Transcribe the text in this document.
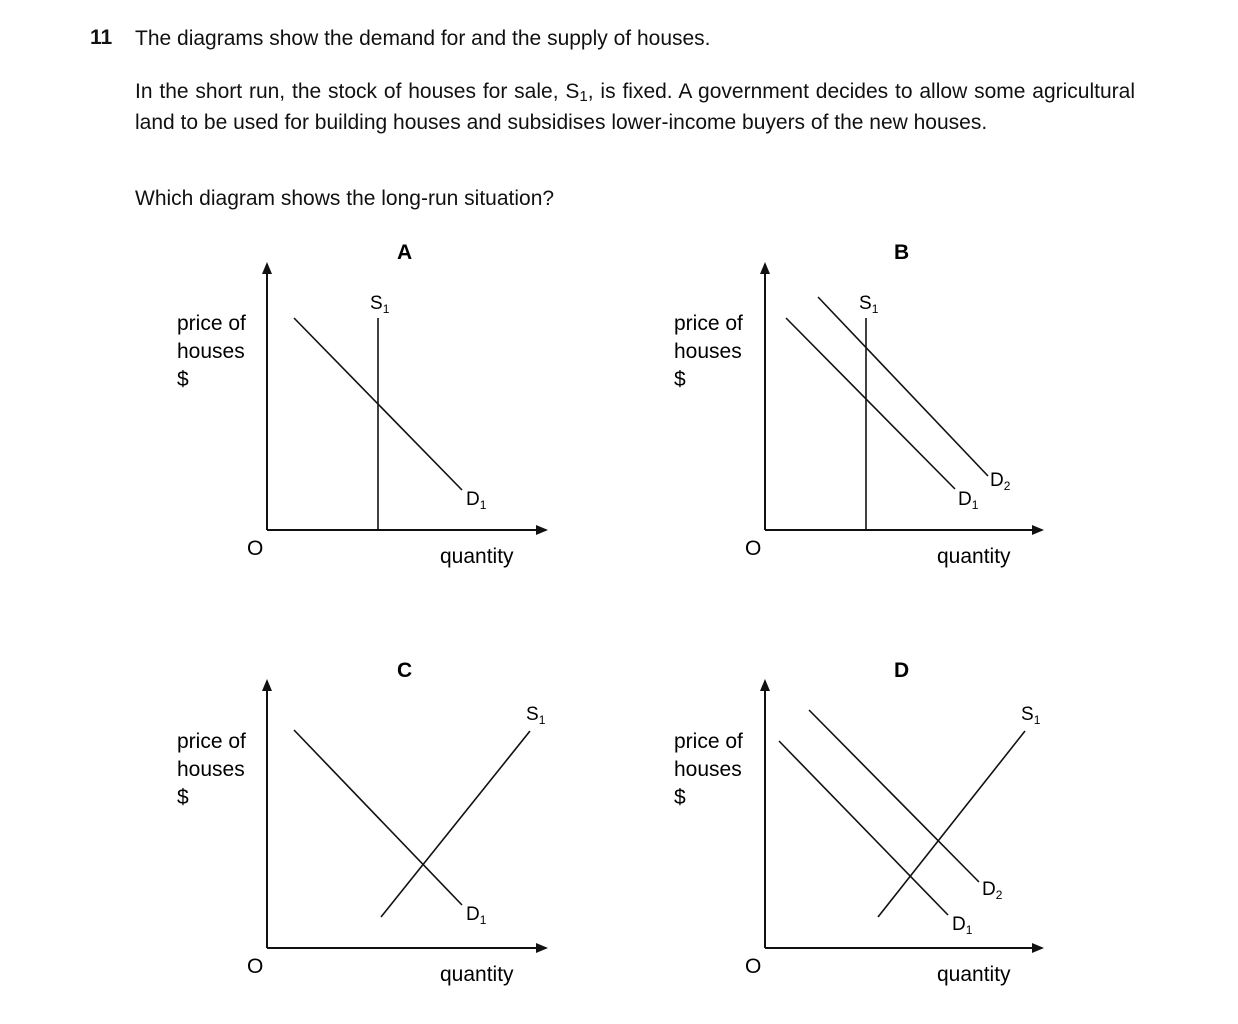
11 The diagrams show the demand for and the supply of houses.
In the short run, the stock of houses for sale, S1, is fixed. A government decides to allow some agricultural land to be used for building houses and subsidises lower-income buyers of the new houses.
Which diagram shows the long-run situation?
A
price of
houses
$
O	quantity
$S_1$
$D_1$
B
price of
houses
$
O	quantity
$S_1$
$D_1$
$D_2$
C
price of
houses
$
O	quantity
$S_1$
$D_1$
D
price of
houses
$
O	quantity
$S_1$
$D_1$
$D_2$
